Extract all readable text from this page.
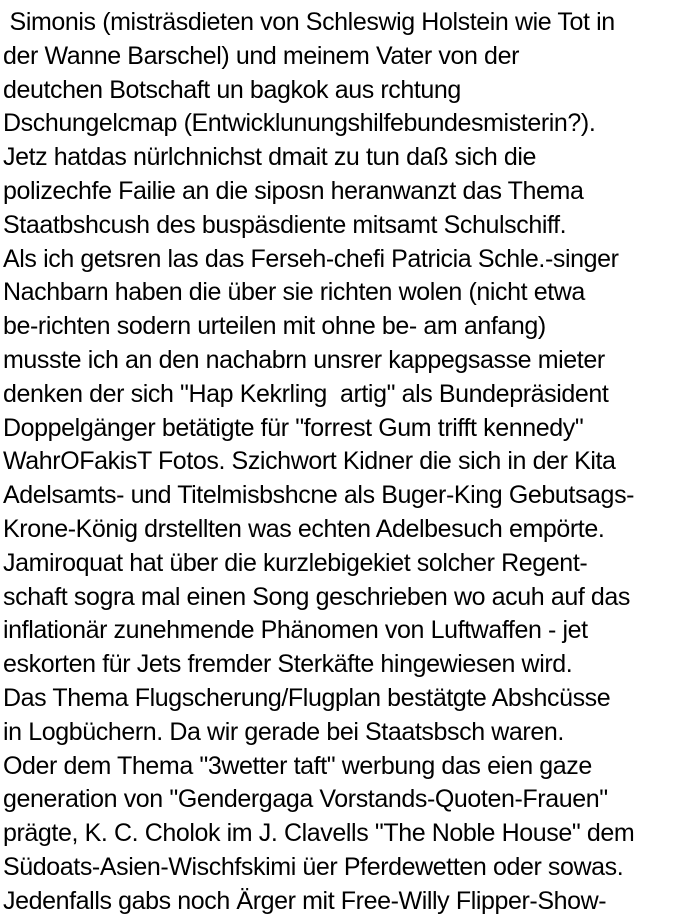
Simonis (misträsdieten von Schleswig Holstein wie Tot in
der Wanne Barschel) und meinem Vater von der
deutchen Botschaft un bagkok aus rchtung
Dschungelcmap (Entwicklunungshilfebundesmisterin?).
Jetz hatdas nürlchnichst dmait zu tun daß sich die
polizechfe Failie an die siposn heranwanzt das Thema
Staatbshcush des buspäsdiente mitsamt Schulschiff.
Als ich getsren las das Ferseh-chefi Patricia Schle.-singer
Nachbarn haben die über sie richten wolen (nicht etwa
be-richten sodern urteilen mit ohne be- am anfang)
musste ich an den nachabrn unsrer kappegsasse mieter
denken der sich "Hap Kekrling  artig" als Bundepräsident
Doppelgänger betätigte für "forrest Gum trifft kennedy"
WahrOFakisT Fotos. Szichwort Kidner die sich in der Kita
Adelsamts- und Titelmisbshcne als Buger-King Gebutsags-
Krone-König drstellten was echten Adelbesuch empörte.
Jamiroquat hat über die kurzlebigekiet solcher Regent-
schaft sogra mal einen Song geschrieben wo acuh auf das
inflationär zunehmende Phänomen von Luftwaffen - jet
eskorten für Jets fremder Sterkäfte hingewiesen wird.
Das Thema Flugscherung/Flugplan bestätgte Abshcüsse
in Logbüchern. Da wir gerade bei Staatsbsch waren.
Oder dem Thema "3wetter taft" werbung das eien gaze
generation von "Gendergaga Vorstands-Quoten-Frauen"
prägte, K. C. Cholok im J. Clavells "The Noble House" dem
Südoats-Asien-Wischfskimi üer Pferdewetten oder sowas.
Jedenfalls gabs noch Ärger mit Free-Willy Flipper-Show-
